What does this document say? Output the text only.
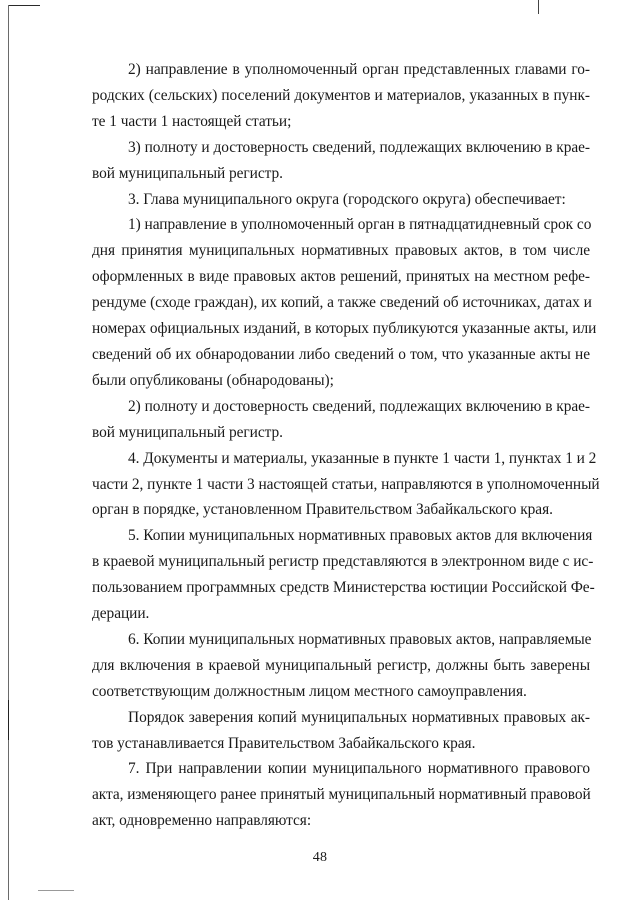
2) направление в уполномоченный орган представленных главами го-
родских (сельских) поселений документов и материалов, указанных в пунк-
те 1 части 1 настоящей статьи;
3) полноту и достоверность сведений, подлежащих включению в крае-
вой муниципальный регистр.
3. Глава муниципального округа (городского округа) обеспечивает:
1) направление в уполномоченный орган в пятнадцатидневный срок со
дня принятия муниципальных нормативных правовых актов, в том числе
оформленных в виде правовых актов решений, принятых на местном рефе-
рендуме (сходе граждан), их копий, а также сведений об источниках, датах и
номерах официальных изданий, в которых публикуются указанные акты, или
сведений об их обнародовании либо сведений о том, что указанные акты не
были опубликованы (обнародованы);
2) полноту и достоверность сведений, подлежащих включению в крае-
вой муниципальный регистр.
4. Документы и материалы, указанные в пункте 1 части 1, пунктах 1 и 2
части 2, пункте 1 части 3 настоящей статьи, направляются в уполномоченный
орган в порядке, установленном Правительством Забайкальского края.
5. Копии муниципальных нормативных правовых актов для включения
в краевой муниципальный регистр представляются в электронном виде с ис-
пользованием программных средств Министерства юстиции Российской Фе-
дерации.
6. Копии муниципальных нормативных правовых актов, направляемые
для включения в краевой муниципальный регистр, должны быть заверены
соответствующим должностным лицом местного самоуправления.
Порядок заверения копий муниципальных нормативных правовых ак-
тов устанавливается Правительством Забайкальского края.
7. При направлении копии муниципального нормативного правового
акта, изменяющего ранее принятый муниципальный нормативный правовой
акт, одновременно направляются:
48
